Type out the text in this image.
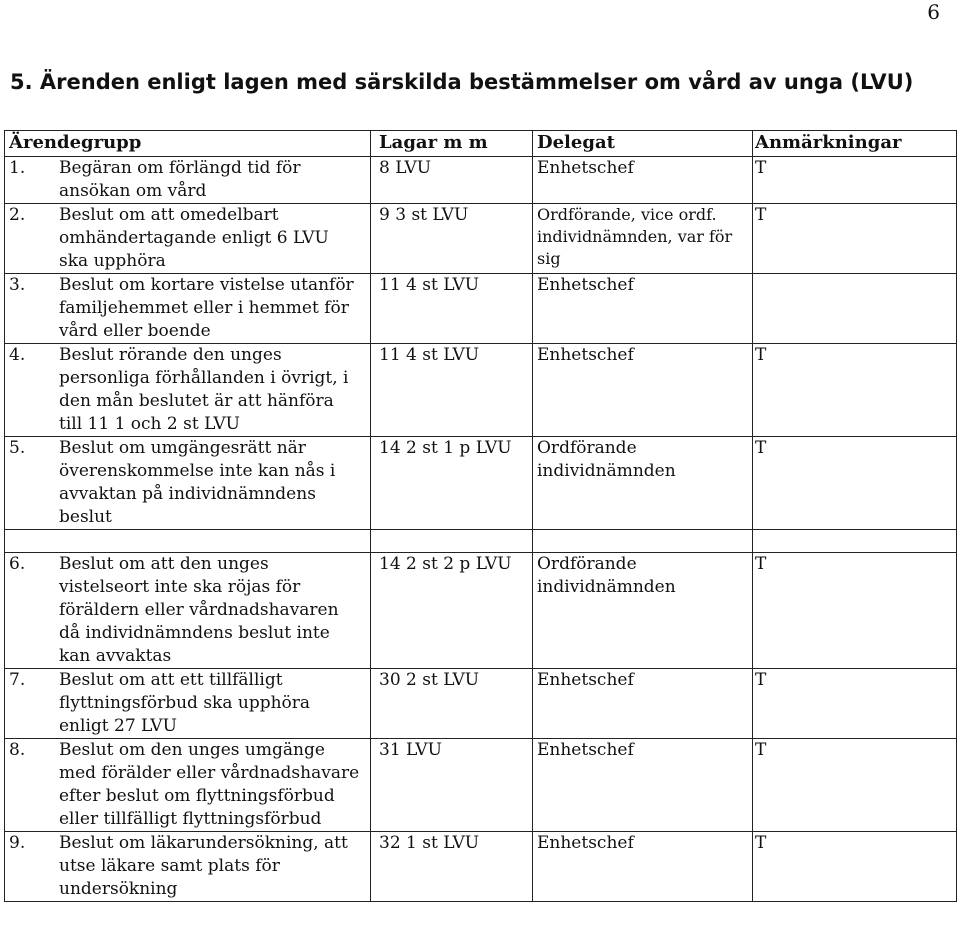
6
5. Ärenden enligt lagen med särskilda bestämmelser om vård av unga (LVU)
Ärendegrupp	Lagar m m	Delegat	Anmärkningar

1. Begäran om förlängd tid för ansökan om vård	8 LVU	Enhetschef	T

2. Beslut om att omedelbart omhändertagande enligt 6 LVU ska upphöra	9 3 st LVU	Ordförande, vice ordf. individnämnden, var för sig	T

3. Beslut om kortare vistelse utanför familjehemmet eller i hemmet för vård eller boende	11 4 st LVU	Enhetschef	

4. Beslut rörande den unges personliga förhållanden i övrigt, i den mån beslutet är att hänföra till 11 1 och 2 st LVU	11 4 st LVU	Enhetschef	T

5. Beslut om umgängesrätt när överenskommelse inte kan nås i avvaktan på individnämndens beslut	14 2 st 1 p LVU	Ordförande individnämnden	T

6. Beslut om att den unges vistelseort inte ska röjas för föräldern eller vårdnadshavaren då individnämndens beslut inte kan avvaktas	14 2 st 2 p LVU	Ordförande individnämnden	T

7. Beslut om att ett tillfälligt flyttningsförbud ska upphöra enligt 27 LVU	30 2 st LVU	Enhetschef	T

8. Beslut om den unges umgänge med förälder eller vårdnadshavare efter beslut om flyttningsförbud eller tillfälligt flyttningsförbud	31 LVU	Enhetschef	T

9. Beslut om läkarundersökning, att utse läkare samt plats för undersökning	32 1 st LVU	Enhetschef	T
